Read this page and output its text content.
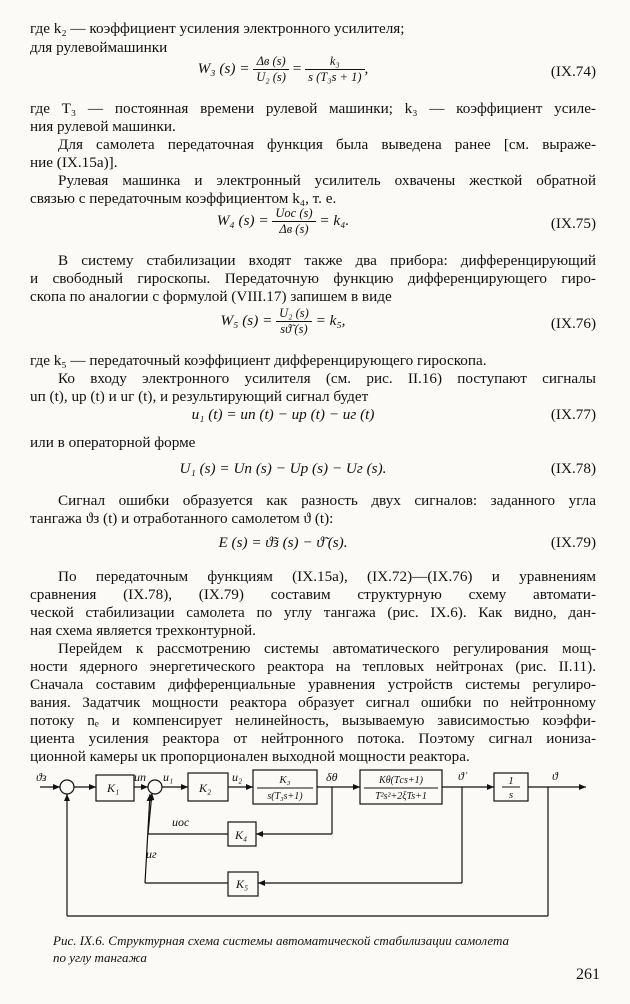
где k₂ — коэффициент усиления электронного усилителя;
для рулевоймашинки
W₃ $(s) = \frac{\Delta в (s)}{\text{U₂ (s)}} = \frac{\text{k₃}}{\text{s (T₃s + 1)}}$ ,	(IX.74)
где T₃ — постоянная времени рулевой машинки; k₃ — коэффициент усиле-
ния рулевой машинки.
Для самолета передаточная функция была выведена ранее [см. выраже-
ние (IX.15а)].
Рулевая машинка и электронный усилитель охвачены жесткой обратной
связью с передаточным коэффициентом k₄, т. е.
W₄ $(s) = \frac{\text{Uос (s)}}{\Delta в (s)} = k_4$.	(IX.75)
В систему стабилизации входят также два прибора: дифференцирующий
и свободный гироскопы. Передаточную функцию дифференцирующего гиро-
скопа по аналогии с формулой (VIII.17) запишем в виде
W₅ $(s) = \frac{\text{U₂ (s)}}{sϑ̃ (s)} = k_5$,	(IX.76)
где k₅ — передаточный коэффициент дифференцирующего гироскопа.
Ко входу электронного усилителя (см. рис. II.16) поступают сигналы
uп (t), uр (t) и uг (t), и результирующий сигнал будет
u₁ (t) = uп (t) − uр (t) − uг (t)	(IX.77)
или в операторной форме
U₁ (s) = Uп (s) − Uр (s) − Uг (s).	(IX.78)
Сигнал ошибки образуется как разность двух сигналов: заданного угла
тангажа ϑз (t) и отработанного самолетом ϑ (t):
E (s) = ϑ̃з (s) − ϑ̃ (s).	(IX.79)
По передаточным функциям (IX.15а), (IX.72)—(IX.76) и уравнениям
сравнения (IX.78), (IX.79) составим структурную схему автомати-
ческой стабилизации самолета по углу тангажа (рис. IX.6). Как видно, дан-
ная схема является трехконтурной.
Перейдем к рассмотрению системы автоматического регулирования мощ-
ности ядерного энергетического реактора на тепловых нейтронах (рис. II.11).
Сначала составим дифференциальные уравнения устройств системы регулиро-
вания. Задатчик мощности реактора образует сигнал ошибки по нейтронному
потоку nₑ и компенсирует нелинейность, вызываемую зависимостью коэффи-
циента усиления реактора от нейтронного потока. Поэтому сигнал иониза-
ционной камеры uк пропорционален выходной мощности реактора.
ϑз
K₁
uп u₁
K₂
u₂	K₃
s(T₃s+1)
δθ	Kθ(Tсs+1)
T²s²+2ξTs+1
ϑ̇	1
s
ϑ
K₄
uос
K₅
uг
Рис. IX.6. Структурная схема системы автоматической стабилизации самолета
по углу тангажа
261
